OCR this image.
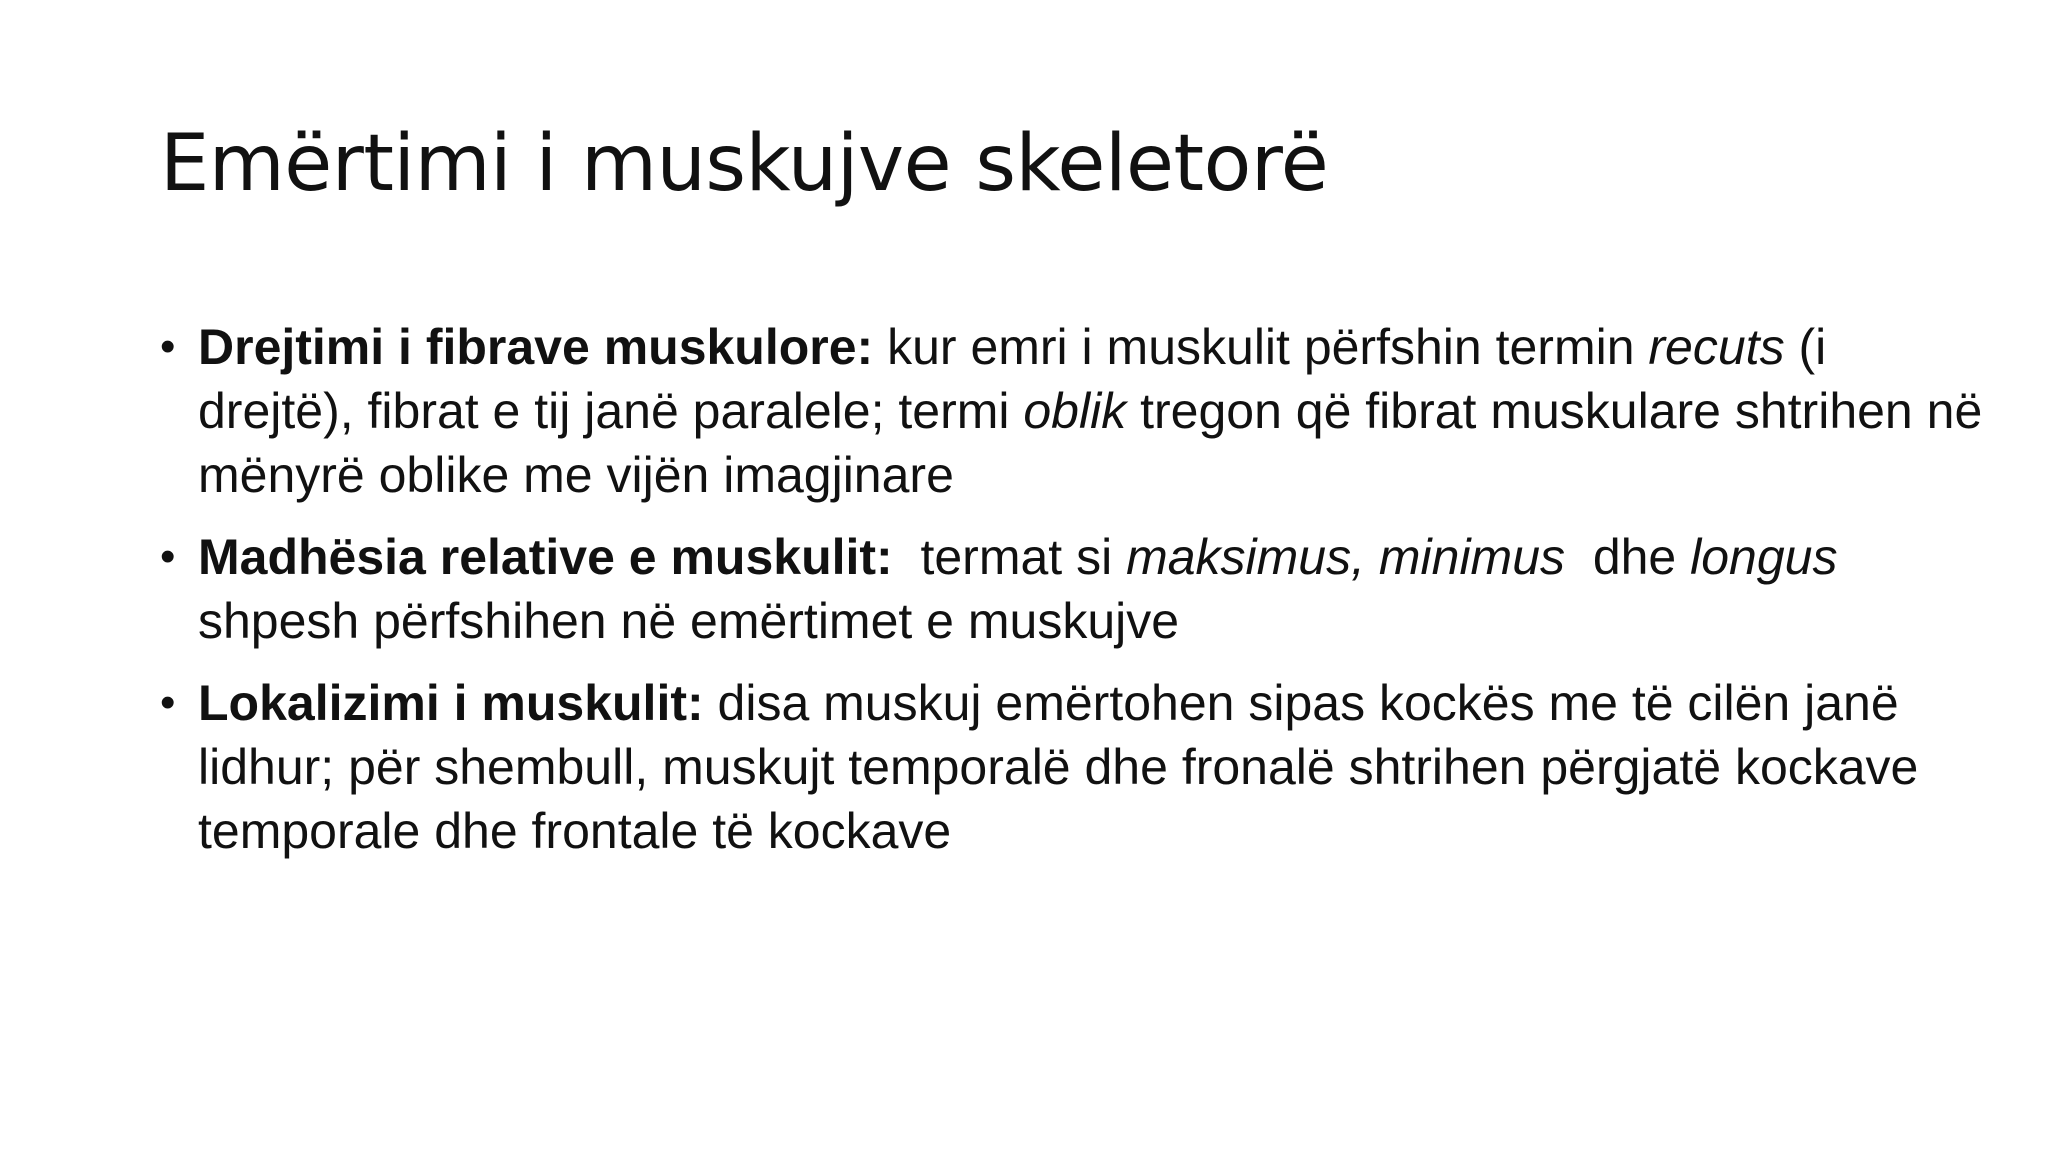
Emërtimi i muskujve skeletorë
• Drejtimi i fibrave muskulore: kur emri i muskulit përfshin termin recuts (i drejtë), fibrat e tij janë paralele; termi oblik tregon që fibrat muskulare shtrihen në mënyrë oblike me vijën imagjinare
• Madhësia relative e muskulit:  termat si maksimus, minimus  dhe longus shpesh përfshihen në emërtimet e muskujve
• Lokalizimi i muskulit: disa muskuj emërtohen sipas kockës me të cilën janë lidhur; për shembull, muskujt temporalë dhe fronalë shtrihen përgjatë kockave temporale dhe frontale të kockave
